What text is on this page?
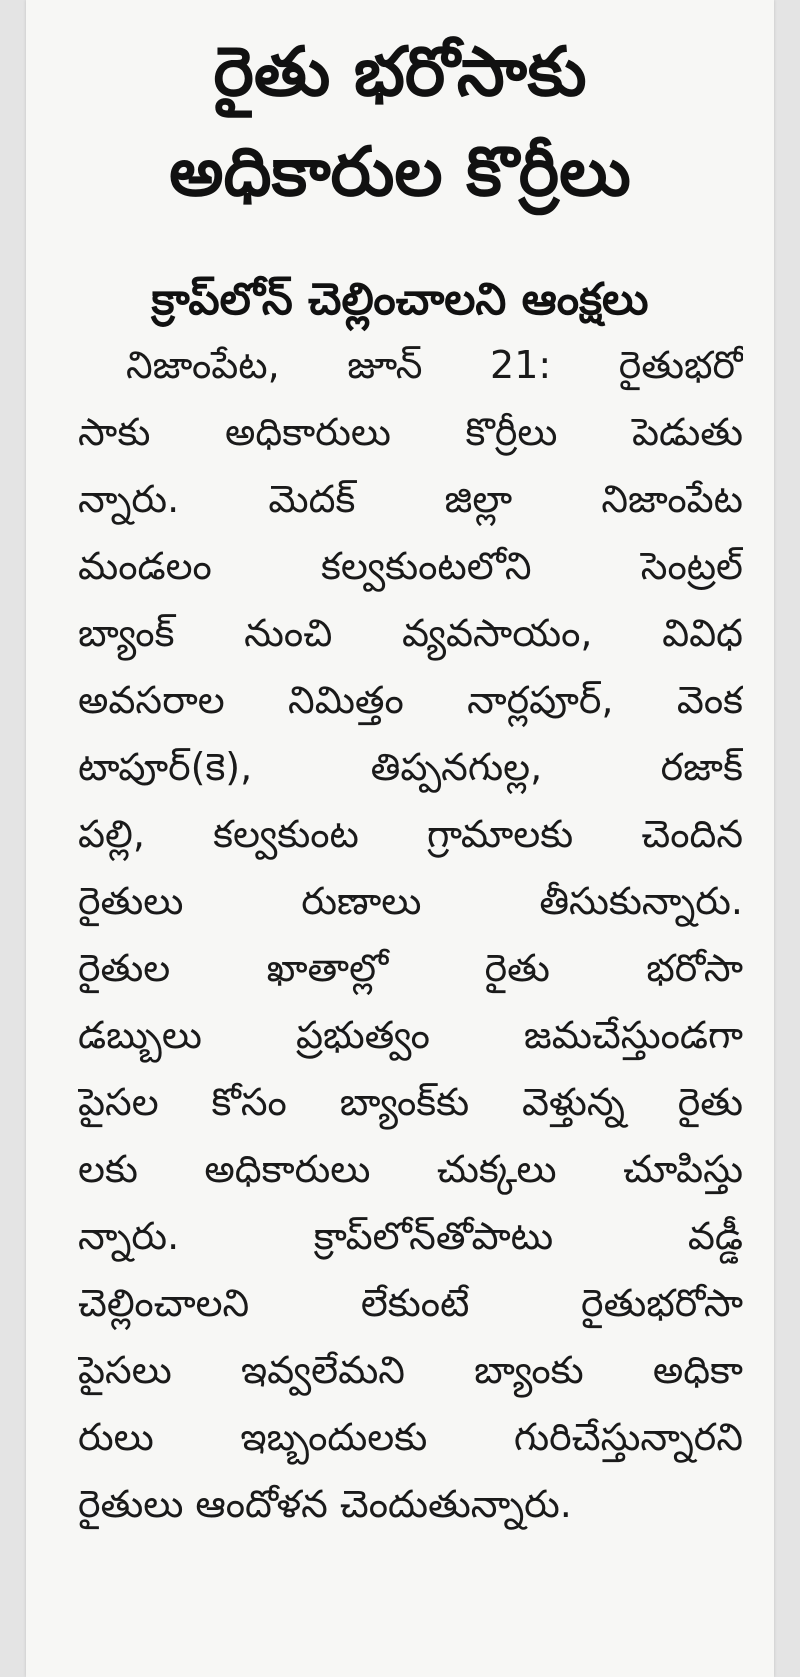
రైతు భరోసాకు
అధికారుల కొర్రీలు
క్రాప్‌లోన్ చెల్లించాలని ఆంక్షలు
నిజాంపేట, జూన్ 21: రైతుభరో
సాకు అధికారులు కొర్రీలు పెడుతు
న్నారు. మెదక్ జిల్లా నిజాంపేట
మండలం కల్వకుంటలోని సెంట్రల్
బ్యాంక్ నుంచి వ్యవసాయం, వివిధ
అవసరాల నిమిత్తం నార్లపూర్, వెంక
టాపూర్(కె), తిప్పనగుల్ల, రజాక్
పల్లి, కల్వకుంట గ్రామాలకు చెందిన
రైతులు రుణాలు తీసుకున్నారు.
రైతుల ఖాతాల్లో రైతు భరోసా
డబ్బులు ప్రభుత్వం జమచేస్తుండగా
పైసల కోసం బ్యాంక్‌కు వెళ్తున్న రైతు
లకు అధికారులు చుక్కలు చూపిస్తు
న్నారు. క్రాప్‌లోన్‌తోపాటు వడ్డీ
చెల్లించాలని లేకుంటే రైతుభరోసా
పైసలు ఇవ్వలేమని బ్యాంకు అధికా
రులు ఇబ్బందులకు గురిచేస్తున్నారని
రైతులు ఆందోళన చెందుతున్నారు.
